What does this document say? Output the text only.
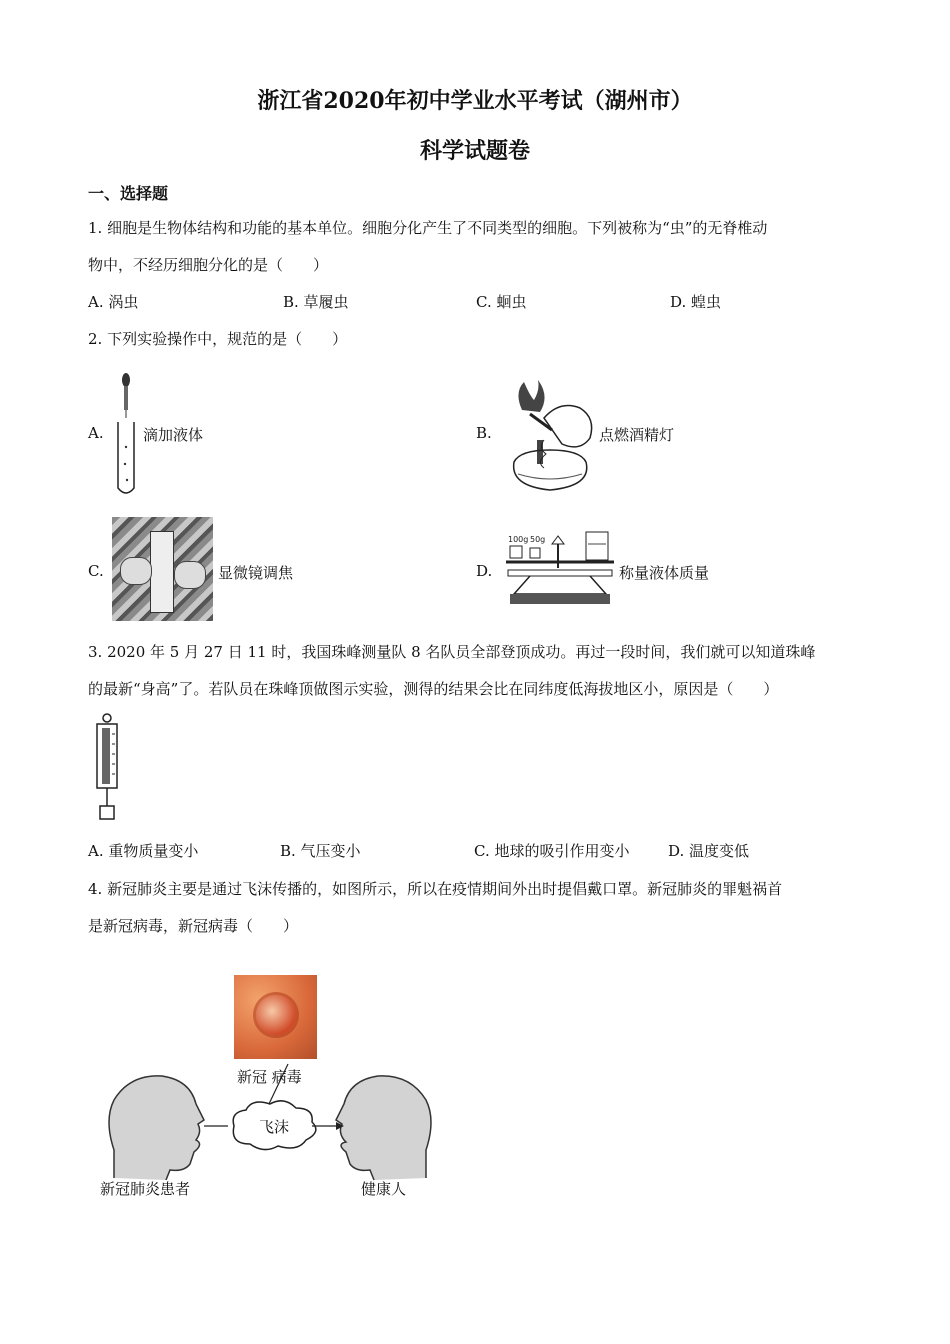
浙江省2020年初中学业水平考试（湖州市）
科学试题卷
一、选择题
1. 细胞是生物体结构和功能的基本单位。细胞分化产生了不同类型的细胞。下列被称为“虫”的无脊椎动
物中，不经历细胞分化的是（　　）
A. 涡虫	B. 草履虫	C. 蛔虫	D. 蝗虫
2. 下列实验操作中，规范的是（　　）
A.	滴加液体	B.	点燃酒精灯
C.	显微镜调焦	D.
100g 50g
称量液体质量
3. 2020 年 5 月 27 日 11 时，我国珠峰测量队 8 名队员全部登顶成功。再过一段时间，我们就可以知道珠峰
的最新“身高”了。若队员在珠峰顶做图示实验，测得的结果会比在同纬度低海拔地区小，原因是（　　）
A. 重物质量变小	B. 气压变小	C. 地球的吸引作用变小	D. 温度变低
4. 新冠肺炎主要是通过飞沫传播的，如图所示，所以在疫情期间外出时提倡戴口罩。新冠肺炎的罪魁祸首
是新冠病毒，新冠病毒（　　）
新冠 病毒
飞沫
新冠肺炎患者	健康人
